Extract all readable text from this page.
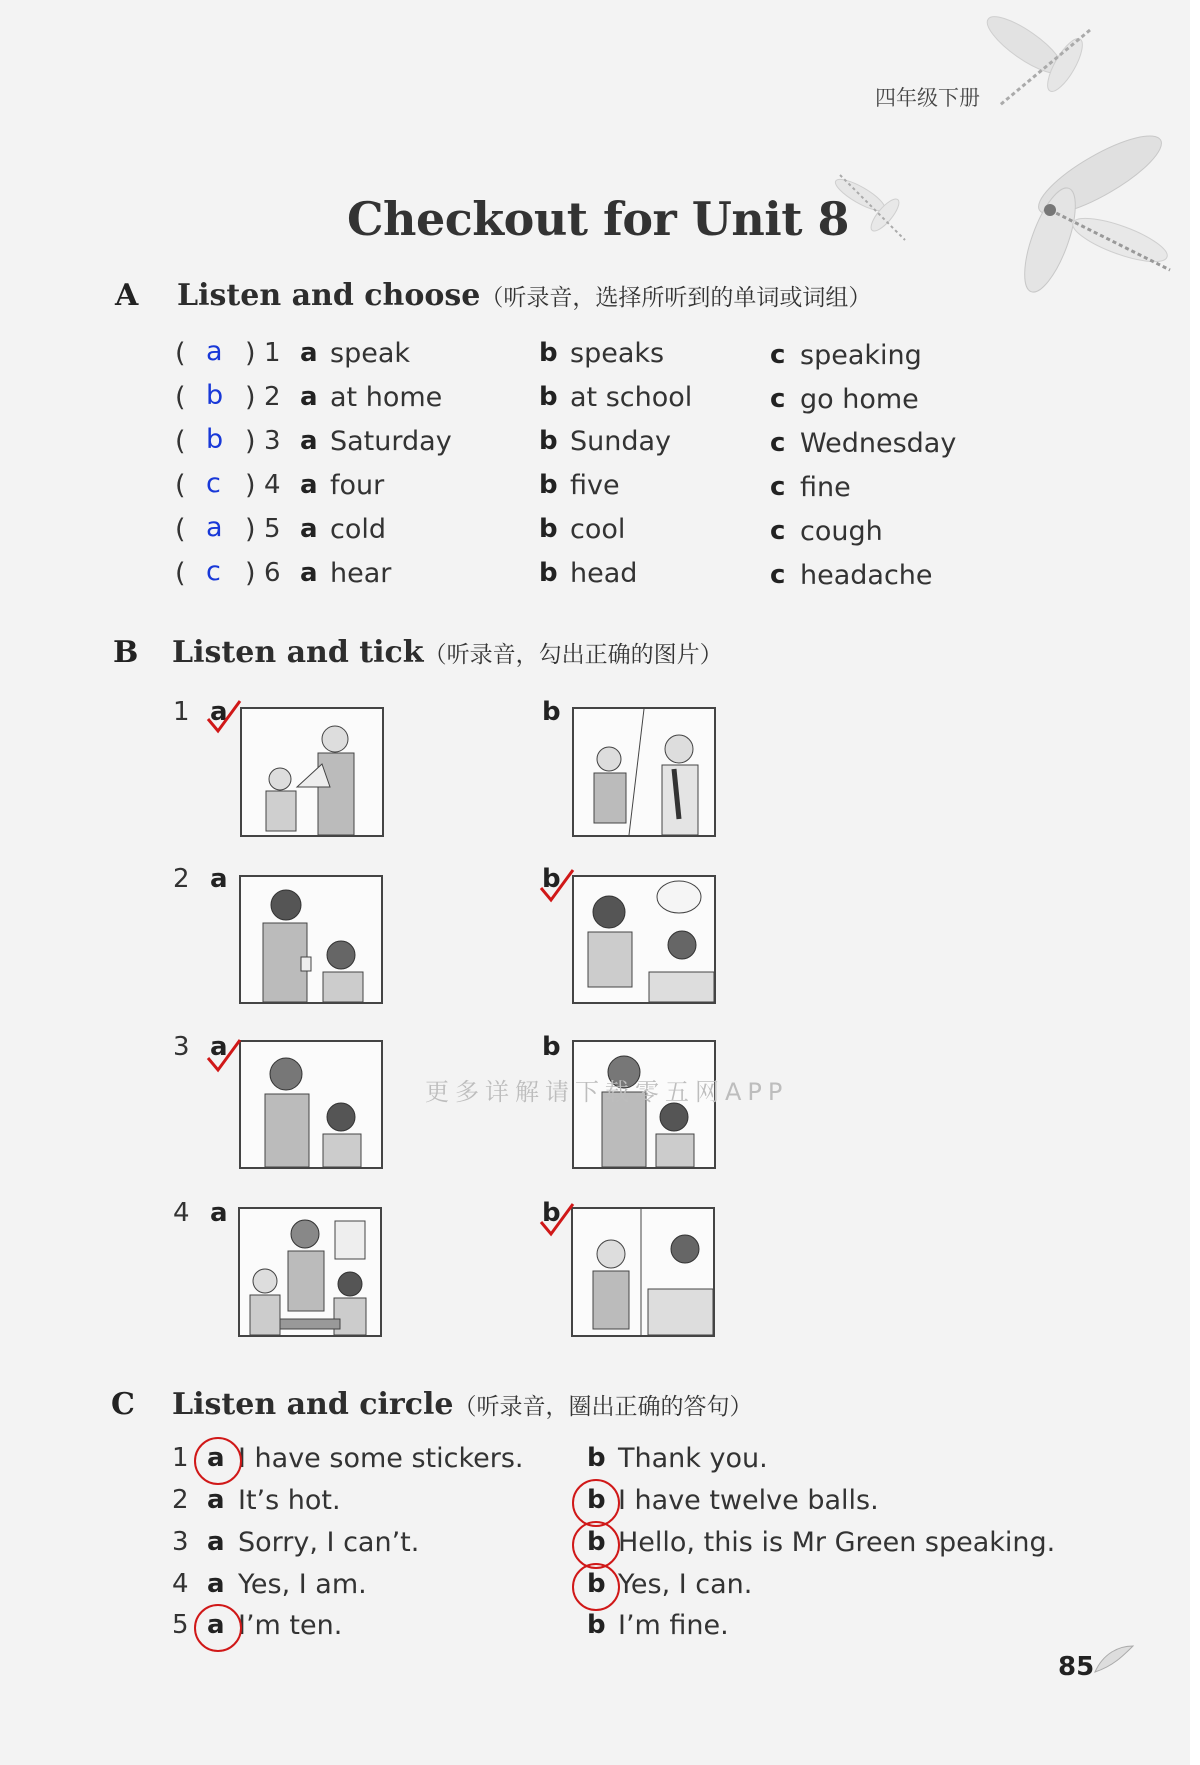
四年级下册
Checkout for Unit 8
A Listen and choose（听录音，选择所听到的单词或词组）
( a ) 1 a speak	b speaks	c speaking
( b ) 2 a at home	b at school	c go home
( b ) 3 a Saturday	b Sunday	c Wednesday
( c ) 4 a four	b five	c fine
( a ) 5 a cold	b cool	c cough
( c ) 6 a hear	b head	c headache
B Listen and tick（听录音，勾出正确的图片）
1 a	b
2 a	b
3 a	b
4 a	b
更多详解请下载零五网APP
C Listen and circle（听录音，圈出正确的答句）
1 a I have some stickers. b Thank you.
2 a It’s hot.	b I have twelve balls.
3 a Sorry, I can’t.	b Hello, this is Mr Green speaking.
4 a Yes, I am.	b Yes, I can.
5 a I’m ten.	b I’m fine.
85
